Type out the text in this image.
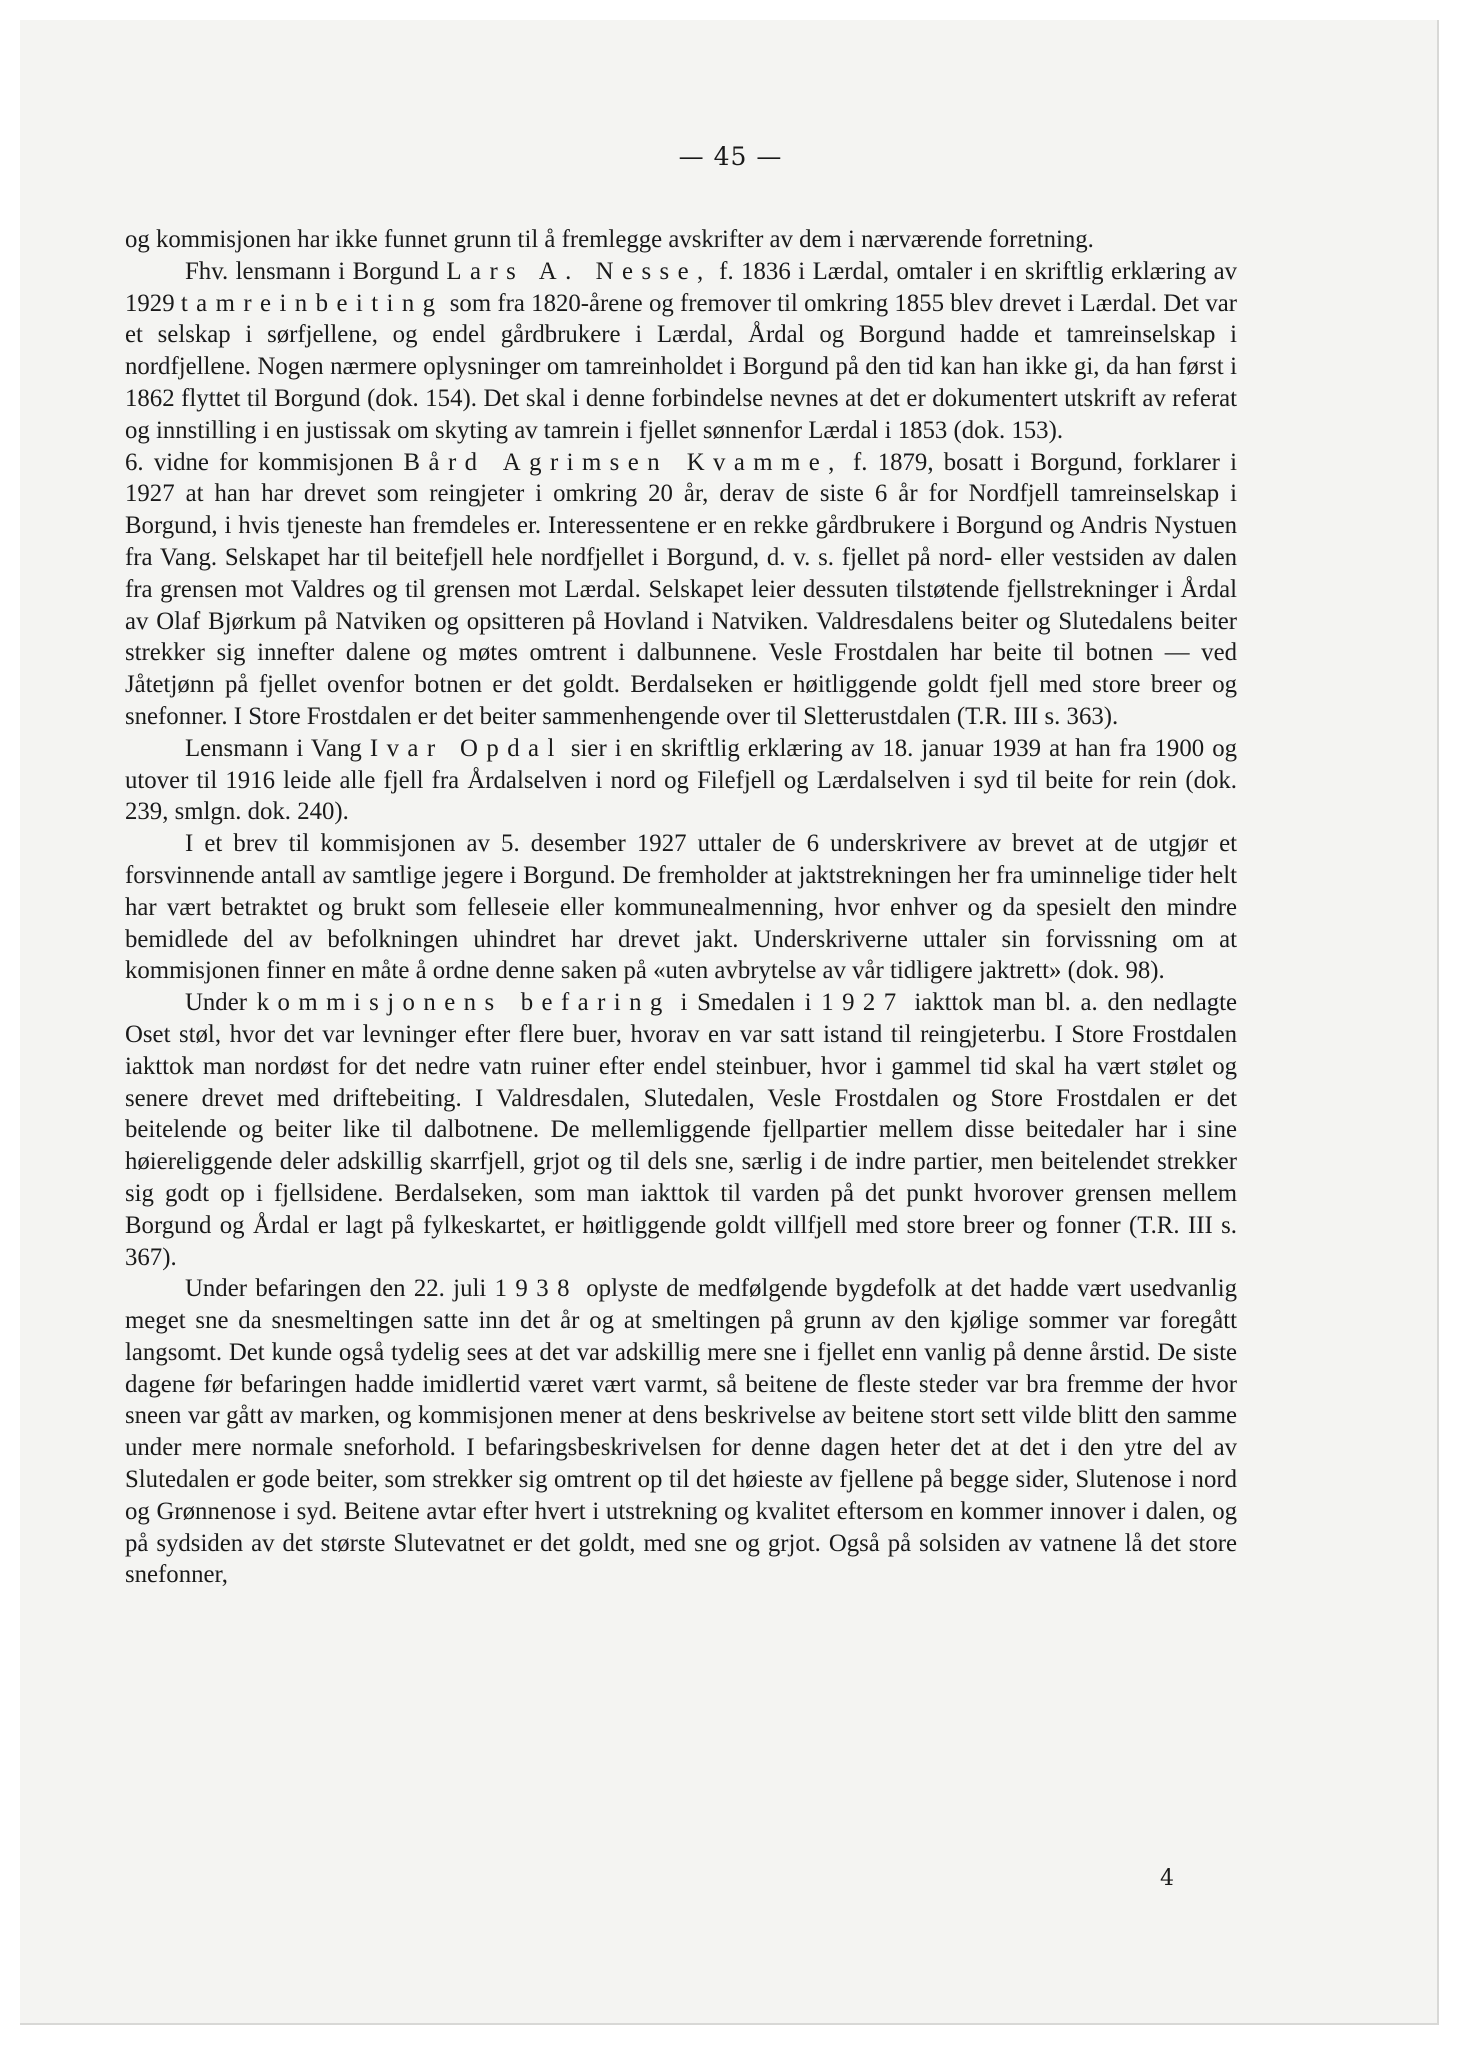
— 45 —

og kommisjonen har ikke funnet grunn til å fremlegge avskrifter av dem i nærværende forretning.

Fhv. lensmann i Borgund Lars A. Nesse, f. 1836 i Lærdal, omtaler i en skriftlig erklæring av 1929 tamreinbeiting som fra 1820-årene og fremover til omkring 1855 blev drevet i Lærdal. Det var et selskap i sørfjellene, og endel gårdbrukere i Lærdal, Årdal og Borgund hadde et tamreinselskap i nordfjellene. Nogen nærmere oplysninger om tamreinholdet i Borgund på den tid kan han ikke gi, da han først i 1862 flyttet til Borgund (dok. 154). Det skal i denne forbindelse nevnes at det er dokumentert utskrift av referat og innstilling i en justissak om skyting av tamrein i fjellet sønnenfor Lærdal i 1853 (dok. 153).

6. vidne for kommisjonen Bård Agrimsen Kvamme, f. 1879, bosatt i Borgund, forklarer i 1927 at han har drevet som reingjeter i omkring 20 år, derav de siste 6 år for Nordfjell tamreinselskap i Borgund, i hvis tjeneste han fremdeles er. Interessentene er en rekke gårdbrukere i Borgund og Andris Nystuen fra Vang. Selskapet har til beitefjell hele nordfjellet i Borgund, d. v. s. fjellet på nord- eller vestsiden av dalen fra grensen mot Valdres og til grensen mot Lærdal. Selskapet leier dessuten tilstøtende fjellstrekninger i Årdal av Olaf Bjørkum på Natviken og opsitteren på Hovland i Natviken. Valdresdalens beiter og Slutedalens beiter strekker sig innefter dalene og møtes omtrent i dalbunnene. Vesle Frostdalen har beite til botnen — ved Jåtetjønn på fjellet ovenfor botnen er det goldt. Berdalseken er høitliggende goldt fjell med store breer og snefonner. I Store Frostdalen er det beiter sammenhengende over til Sletterustdalen (T.R. III s. 363).

Lensmann i Vang Ivar Opdal sier i en skriftlig erklæring av 18. januar 1939 at han fra 1900 og utover til 1916 leide alle fjell fra Årdalselven i nord og Filefjell og Lærdalselven i syd til beite for rein (dok. 239, smlgn. dok. 240).

I et brev til kommisjonen av 5. desember 1927 uttaler de 6 underskrivere av brevet at de utgjør et forsvinnende antall av samtlige jegere i Borgund. De fremholder at jaktstrekningen her fra uminnelige tider helt har vært betraktet og brukt som felleseie eller kommunealmenning, hvor enhver og da spesielt den mindre bemidlede del av befolkningen uhindret har drevet jakt. Underskriverne uttaler sin forvissning om at kommisjonen finner en måte å ordne denne saken på «uten avbrytelse av vår tidligere jaktrett» (dok. 98).

Under kommisjonens befaring i Smedalen i 1927 iakttok man bl. a. den nedlagte Oset støl, hvor det var levninger efter flere buer, hvorav en var satt istand til reingjeterbu. I Store Frostdalen iakttok man nordøst for det nedre vatn ruiner efter endel steinbuer, hvor i gammel tid skal ha vært stølet og senere drevet med driftebeiting. I Valdresdalen, Slutedalen, Vesle Frostdalen og Store Frostdalen er det beitelende og beiter like til dalbotnene. De mellemliggende fjellpartier mellem disse beitedaler har i sine høiereliggende deler adskillig skarrfjell, grjot og til dels sne, særlig i de indre partier, men beitelendet strekker sig godt op i fjellsidene. Berdalseken, som man iakttok til varden på det punkt hvorover grensen mellem Borgund og Årdal er lagt på fylkeskartet, er høitliggende goldt villfjell med store breer og fonner (T.R. III s. 367).

Under befaringen den 22. juli 1938 oplyste de medfølgende bygdefolk at det hadde vært usedvanlig meget sne da snesmeltingen satte inn det år og at smeltingen på grunn av den kjølige sommer var foregått langsomt. Det kunde også tydelig sees at det var adskillig mere sne i fjellet enn vanlig på denne årstid. De siste dagene før befaringen hadde imidlertid været vært varmt, så beitene de fleste steder var bra fremme der hvor sneen var gått av marken, og kommisjonen mener at dens beskrivelse av beitene stort sett vilde blitt den samme under mere normale sneforhold. I befaringsbeskrivelsen for denne dagen heter det at det i den ytre del av Slutedalen er gode beiter, som strekker sig omtrent op til det høieste av fjellene på begge sider, Slutenose i nord og Grønnenose i syd. Beitene avtar efter hvert i utstrekning og kvalitet eftersom en kommer innover i dalen, og på sydsiden av det største Slutevatnet er det goldt, med sne og grjot. Også på solsiden av vatnene lå det store snefonner,

4
